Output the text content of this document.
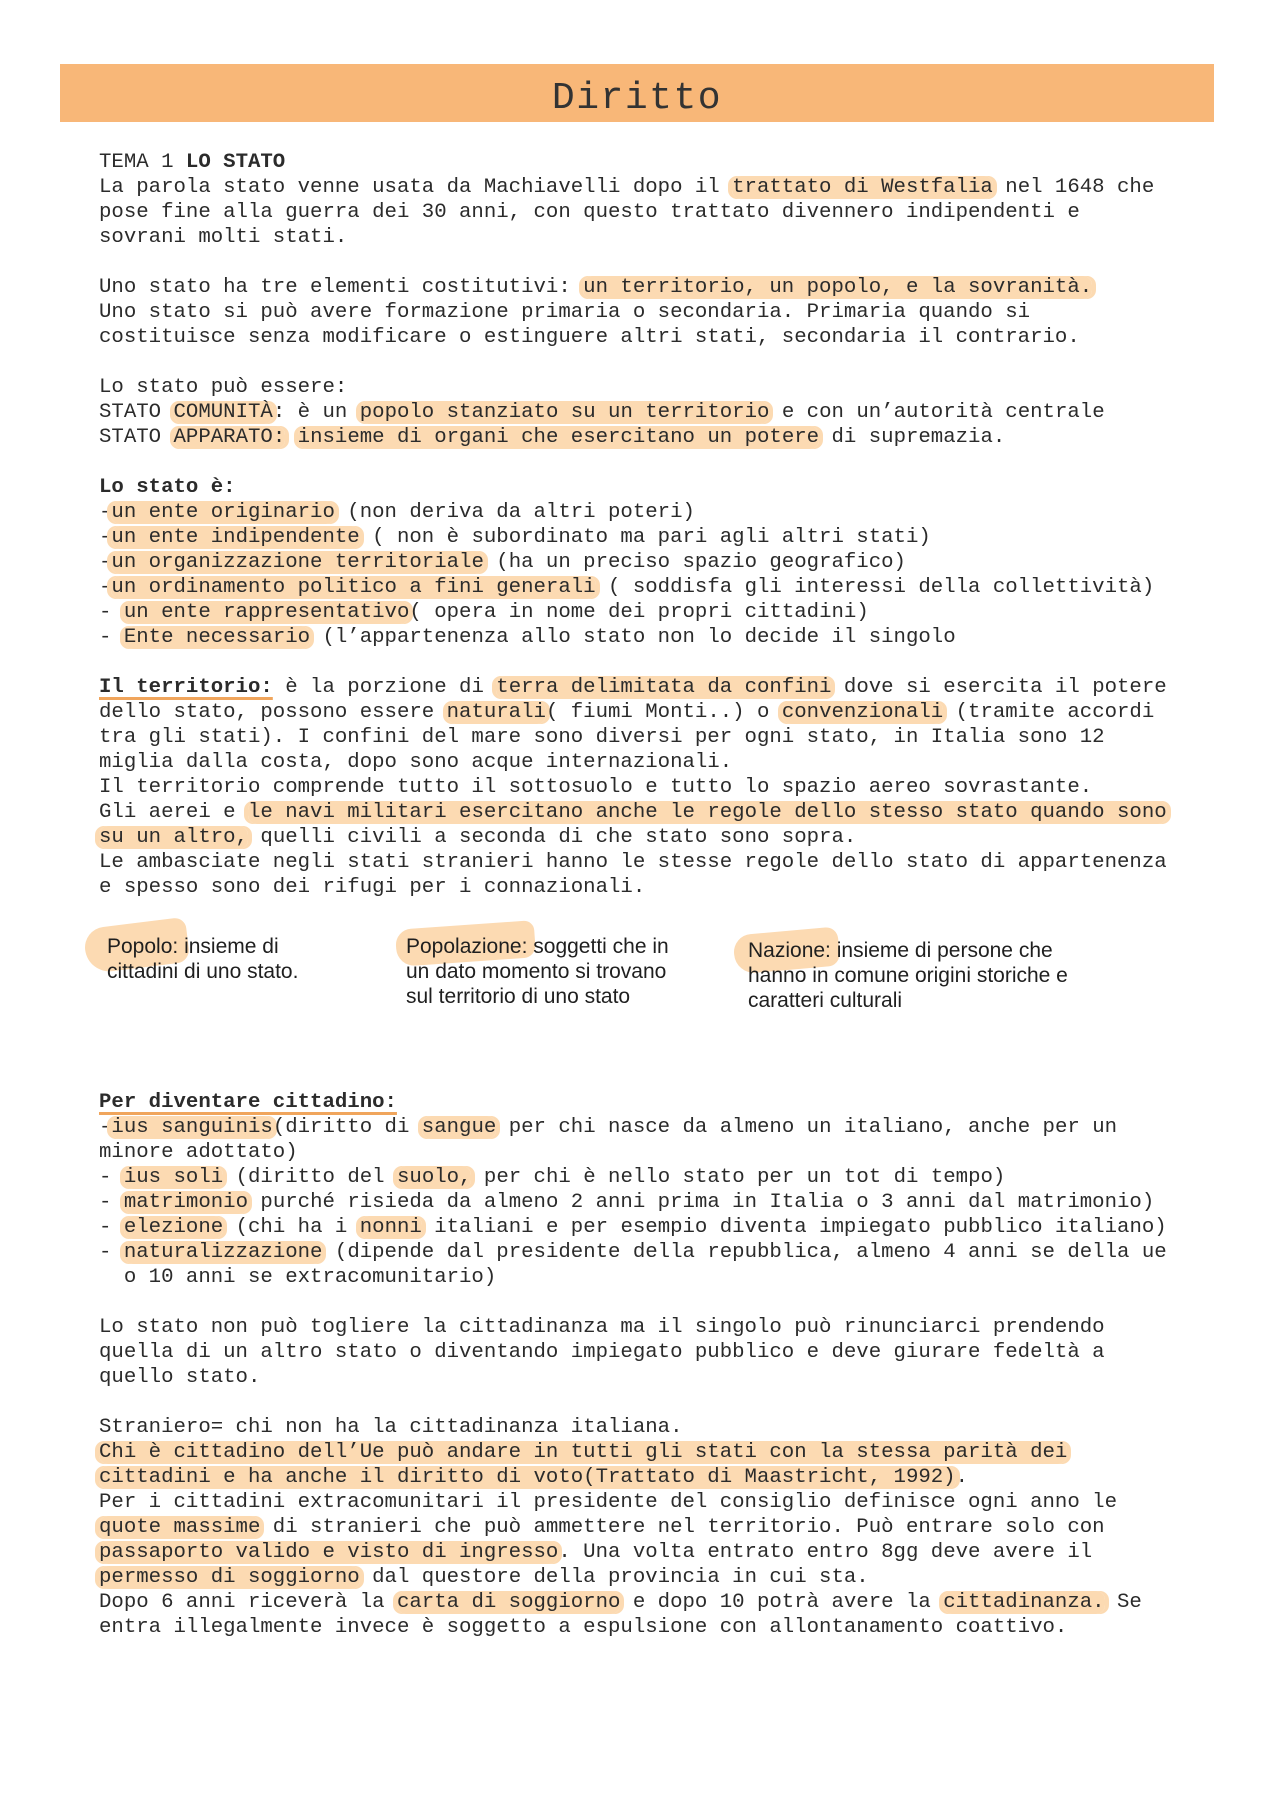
Diritto
TEMA 1 LO STATO
La parola stato venne usata da Machiavelli dopo il trattato di Westfalia nel 1648 che
pose fine alla guerra dei 30 anni, con questo trattato divennero indipendenti e
sovrani molti stati.
Uno stato ha tre elementi costitutivi: un territorio, un popolo, e la sovranità.
Uno stato si può avere formazione primaria o secondaria. Primaria quando si
costituisce senza modificare o estinguere altri stati, secondaria il contrario.
Lo stato può essere:
STATO COMUNITÀ: è un popolo stanziato su un territorio e con un’autorità centrale
STATO APPARATO: insieme di organi che esercitano un potere di supremazia.
Lo stato è:
-un ente originario (non deriva da altri poteri)
-un ente indipendente ( non è subordinato ma pari agli altri stati)
-un organizzazione territoriale (ha un preciso spazio geografico)
-un ordinamento politico a fini generali ( soddisfa gli interessi della collettività)
- un ente rappresentativo( opera in nome dei propri cittadini)
- Ente necessario (l’appartenenza allo stato non lo decide il singolo
Il territorio: è la porzione di terra delimitata da confini dove si esercita il potere
dello stato, possono essere naturali( fiumi Monti..) o convenzionali (tramite accordi
tra gli stati). I confini del mare sono diversi per ogni stato, in Italia sono 12
miglia dalla costa, dopo sono acque internazionali.
Il territorio comprende tutto il sottosuolo e tutto lo spazio aereo sovrastante.
Gli aerei e le navi militari esercitano anche le regole dello stesso stato quando sono
su un altro, quelli civili a seconda di che stato sono sopra.
Le ambasciate negli stati stranieri hanno le stesse regole dello stato di appartenenza
e spesso sono dei rifugi per i connazionali.
Popolo: insieme di
cittadini di uno stato.
Popolazione: soggetti che in
un dato momento si trovano
sul territorio di uno stato
Nazione: insieme di persone che
hanno in comune origini storiche e
caratteri culturali
Per diventare cittadino:
-ius sanguinis(diritto di sangue per chi nasce da almeno un italiano, anche per un
minore adottato)
- ius soli (diritto del suolo, per chi è nello stato per un tot di tempo)
- matrimonio purché risieda da almeno 2 anni prima in Italia o 3 anni dal matrimonio)
- elezione (chi ha i nonni italiani e per esempio diventa impiegato pubblico italiano)
- naturalizzazione (dipende dal presidente della repubblica, almeno 4 anni se della ue
o 10 anni se extracomunitario)
Lo stato non può togliere la cittadinanza ma il singolo può rinunciarci prendendo
quella di un altro stato o diventando impiegato pubblico e deve giurare fedeltà a
quello stato.
Straniero= chi non ha la cittadinanza italiana.
Chi è cittadino dell’Ue può andare in tutti gli stati con la stessa parità dei
cittadini e ha anche il diritto di voto(Trattato di Maastricht, 1992).
Per i cittadini extracomunitari il presidente del consiglio definisce ogni anno le
quote massime di stranieri che può ammettere nel territorio. Può entrare solo con
passaporto valido e visto di ingresso. Una volta entrato entro 8gg deve avere il
permesso di soggiorno dal questore della provincia in cui sta.
Dopo 6 anni riceverà la carta di soggiorno e dopo 10 potrà avere la cittadinanza. Se
entra illegalmente invece è soggetto a espulsione con allontanamento coattivo.
